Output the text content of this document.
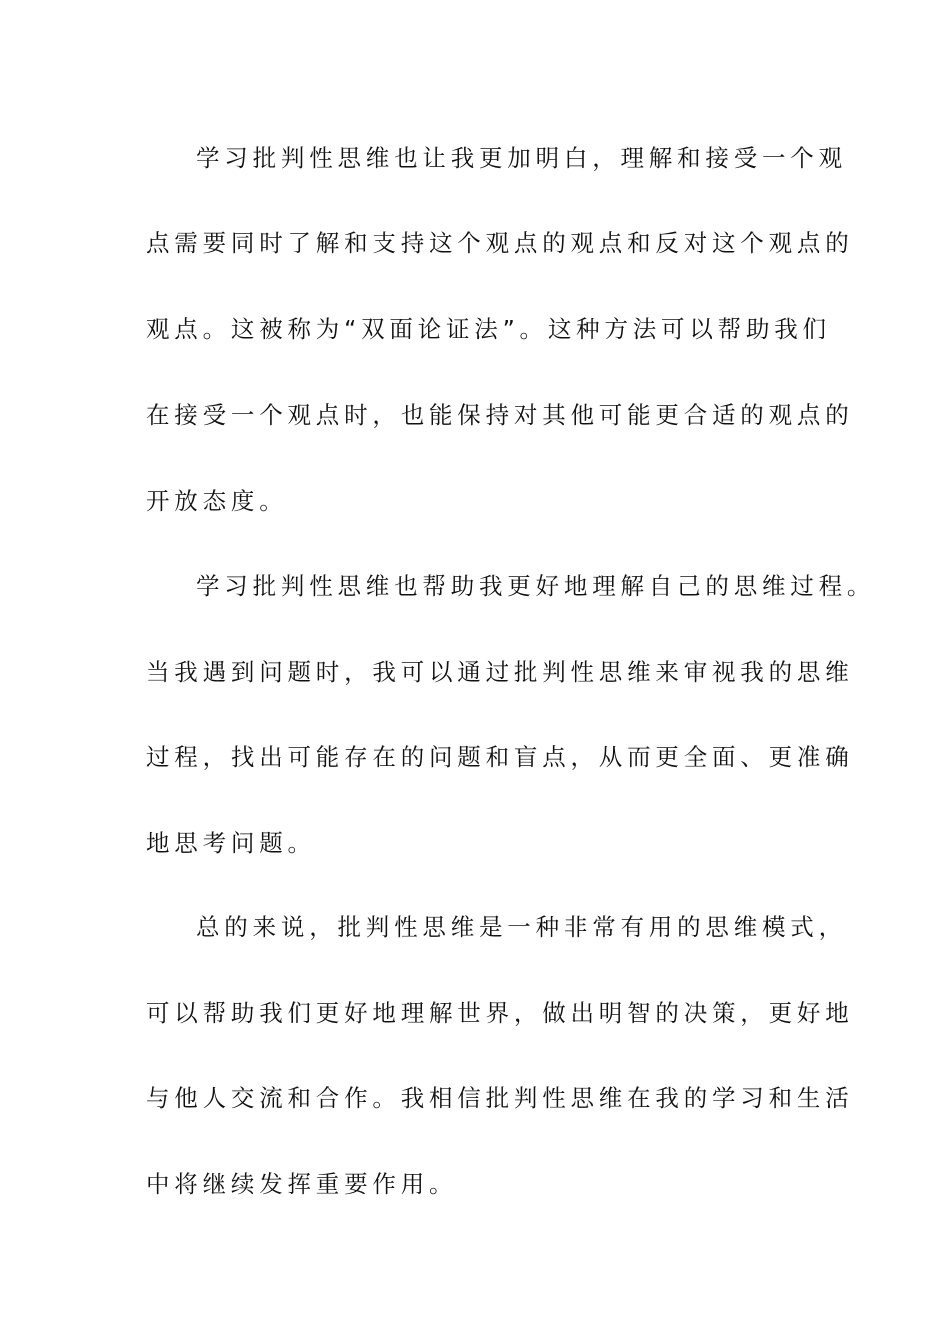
学习批判性思维也让我更加明白，理解和接受一个观
点需要同时了解和支持这个观点的观点和反对这个观点的
观点。这被称为“双面论证法”。这种方法可以帮助我们
在接受一个观点时，也能保持对其他可能更合适的观点的
开放态度。
学习批判性思维也帮助我更好地理解自己的思维过程。
当我遇到问题时，我可以通过批判性思维来审视我的思维
过程，找出可能存在的问题和盲点，从而更全面、更准确
地思考问题。
总的来说，批判性思维是一种非常有用的思维模式，
可以帮助我们更好地理解世界，做出明智的决策，更好地
与他人交流和合作。我相信批判性思维在我的学习和生活
中将继续发挥重要作用。
